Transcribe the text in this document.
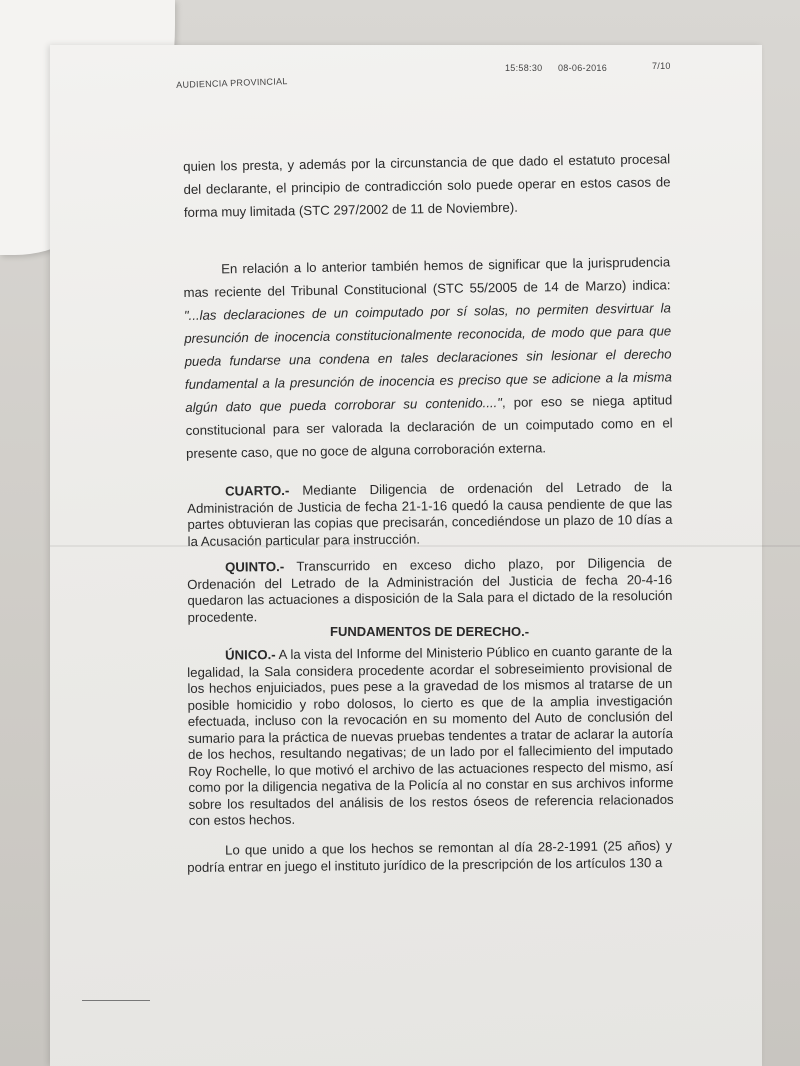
AUDIENCIA PROVINCIAL
15:58:30 08-06-2016	7/10
quien los presta, y además por la circunstancia de que dado el estatuto procesal del declarante, el principio de contradicción solo puede operar en estos casos de forma muy limitada (STC 297/2002 de 11 de Noviembre).
En relación a lo anterior también hemos de significar que la jurisprudencia mas reciente del Tribunal Constitucional (STC 55/2005 de 14 de Marzo) indica: "...las declaraciones de un coimputado por sí solas, no permiten desvirtuar la presunción de inocencia constitucionalmente reconocida, de modo que para que pueda fundarse una condena en tales declaraciones sin lesionar el derecho fundamental a la presunción de inocencia es preciso que se adicione a la misma algún dato que pueda corroborar su contenido....", por eso se niega aptitud constitucional para ser valorada la declaración de un coimputado como en el presente caso, que no goce de alguna corroboración externa.
CUARTO.- Mediante Diligencia de ordenación del Letrado de la Administración de Justicia de fecha 21-1-16 quedó la causa pendiente de que las partes obtuvieran las copias que precisarán, concediéndose un plazo de 10 días a la Acusación particular para instrucción.
QUINTO.- Transcurrido en exceso dicho plazo, por Diligencia de Ordenación del Letrado de la Administración del Justicia de fecha 20-4-16 quedaron las actuaciones a disposición de la Sala para el dictado de la resolución procedente.
FUNDAMENTOS DE DERECHO.-
ÚNICO.- A la vista del Informe del Ministerio Público en cuanto garante de la legalidad, la Sala considera procedente acordar el sobreseimiento provisional de los hechos enjuiciados, pues pese a la gravedad de los mismos al tratarse de un posible homicidio y robo dolosos, lo cierto es que de la amplia investigación efectuada, incluso con la revocación en su momento del Auto de conclusión del sumario para la práctica de nuevas pruebas tendentes a tratar de aclarar la autoría de los hechos, resultando negativas; de un lado por el fallecimiento del imputado Roy Rochelle, lo que motivó el archivo de las actuaciones respecto del mismo, así como por la diligencia negativa de la Policía al no constar en sus archivos informe sobre los resultados del análisis de los restos óseos de referencia relacionados con estos hechos.
Lo que unido a que los hechos se remontan al día 28-2-1991 (25 años) y podría entrar en juego el instituto jurídico de la prescripción de los artículos 130 a
